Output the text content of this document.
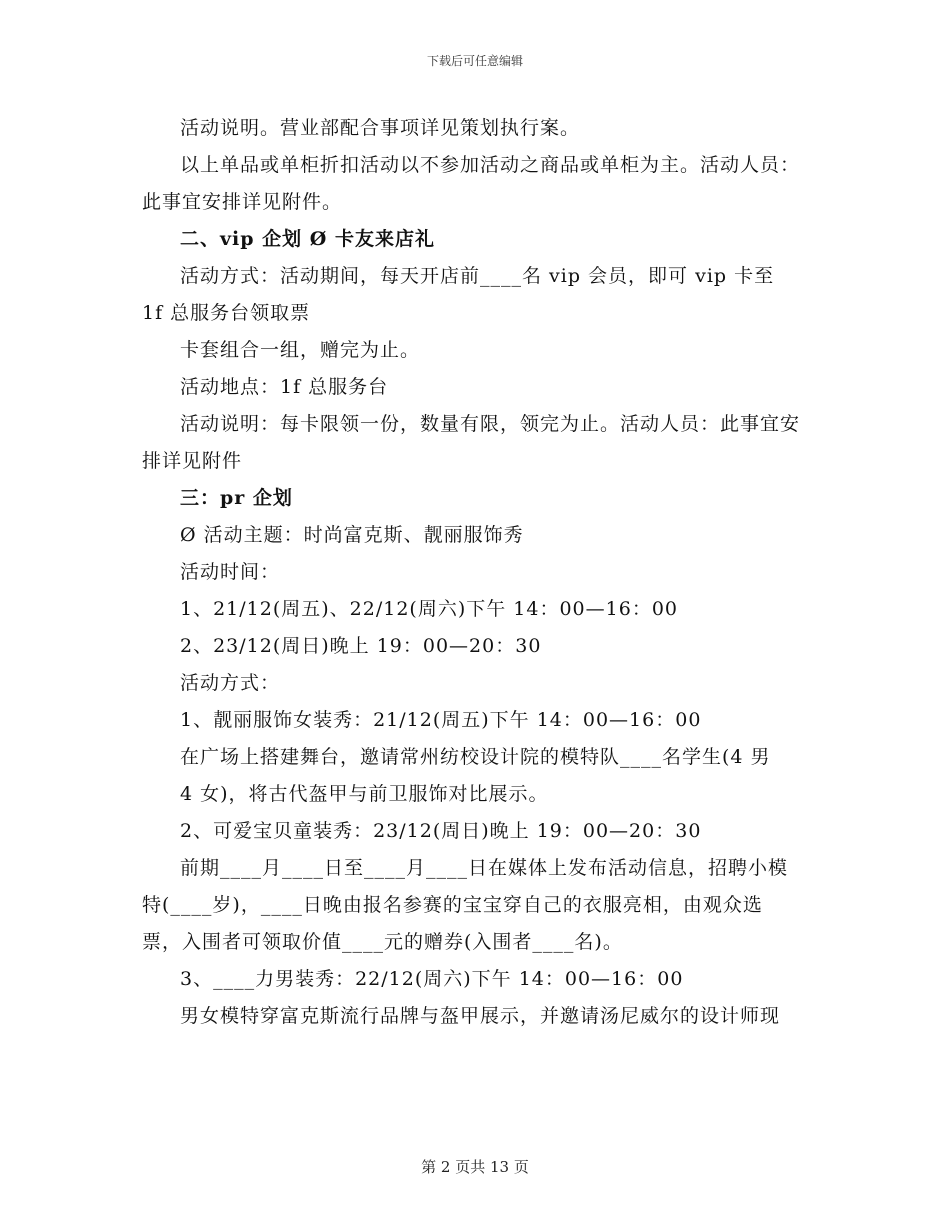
下载后可任意编辑

活动说明。营业部配合事项详见策划执行案。

以上单品或单柜折扣活动以不参加活动之商品或单柜为主。活动人员：此事宜安排详见附件。

二、vip 企划 Ø 卡友来店礼

活动方式：活动期间，每天开店前____名 vip 会员，即可 vip 卡至 1f 总服务台领取票

卡套组合一组，赠完为止。

活动地点：1f 总服务台

活动说明：每卡限领一份，数量有限，领完为止。活动人员：此事宜安排详见附件

三：pr 企划

Ø 活动主题：时尚富克斯、靓丽服饰秀

活动时间：

1、21/12(周五)、22/12(周六)下午 14：00—16：00

2、23/12(周日)晚上 19：00—20：30

活动方式：

1、靓丽服饰女装秀：21/12(周五)下午 14：00—16：00

在广场上搭建舞台，邀请常州纺校设计院的模特队____名学生(4 男

4 女)，将古代盔甲与前卫服饰对比展示。

2、可爱宝贝童装秀：23/12(周日)晚上 19：00—20：30

前期____月____日至____月____日在媒体上发布活动信息，招聘小模特(____岁)，____日晚由报名参赛的宝宝穿自己的衣服亮相，由观众选票，入围者可领取价值____元的赠券(入围者____名)。

3、____力男装秀：22/12(周六)下午 14：00—16：00

男女模特穿富克斯流行品牌与盔甲展示，并邀请汤尼威尔的设计师现

第 2 页共 13 页
